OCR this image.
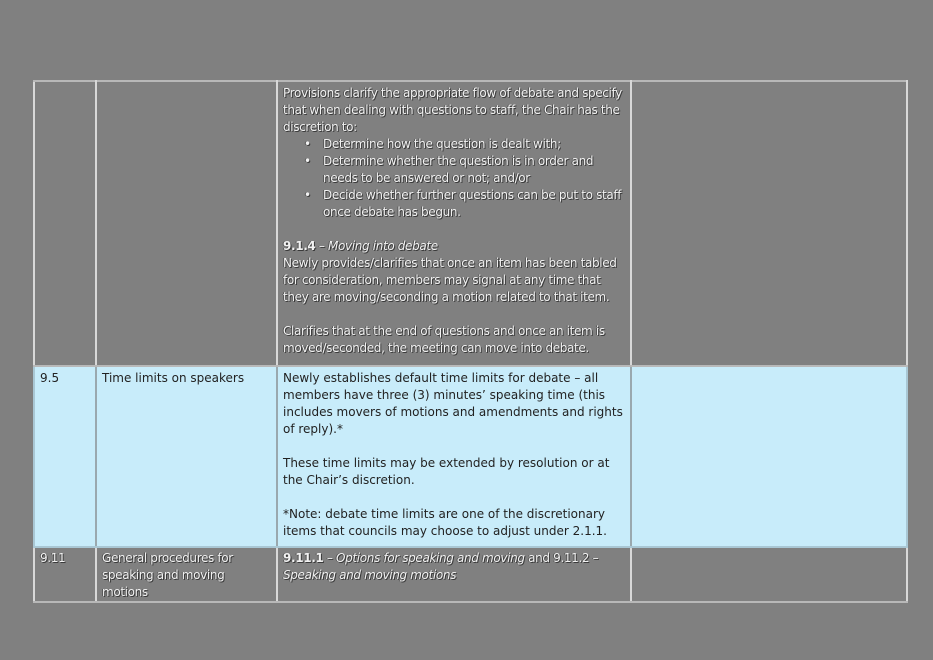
Provisions clarify the appropriate flow of debate and specify that when dealing with questions to staff, the Chair has the discretion to:

• Determine how the question is dealt with;
• Determine whether the question is in order and needs to be answered or not; and/or
• Decide whether further questions can be put to staff once debate has begun.

9.1.4 – Moving into debate

Newly provides/clarifies that once an item has been tabled for consideration, members may signal at any time that they are moving/seconding a motion related to that item.

Clarifies that at the end of questions and once an item is moved/seconded, the meeting can move into debate.

9.5	Time limits on speakers	Newly establishes default time limits for debate – all members have three (3) minutes’ speaking time (this includes movers of motions and amendments and rights of reply).*

These time limits may be extended by resolution or at the Chair’s discretion.

*Note: debate time limits are one of the discretionary items that councils may choose to adjust under 2.1.1.	

9.11	General procedures for speaking and moving motions	9.11.1 – Options for speaking and moving and 9.11.2 – Speaking and moving motions	
